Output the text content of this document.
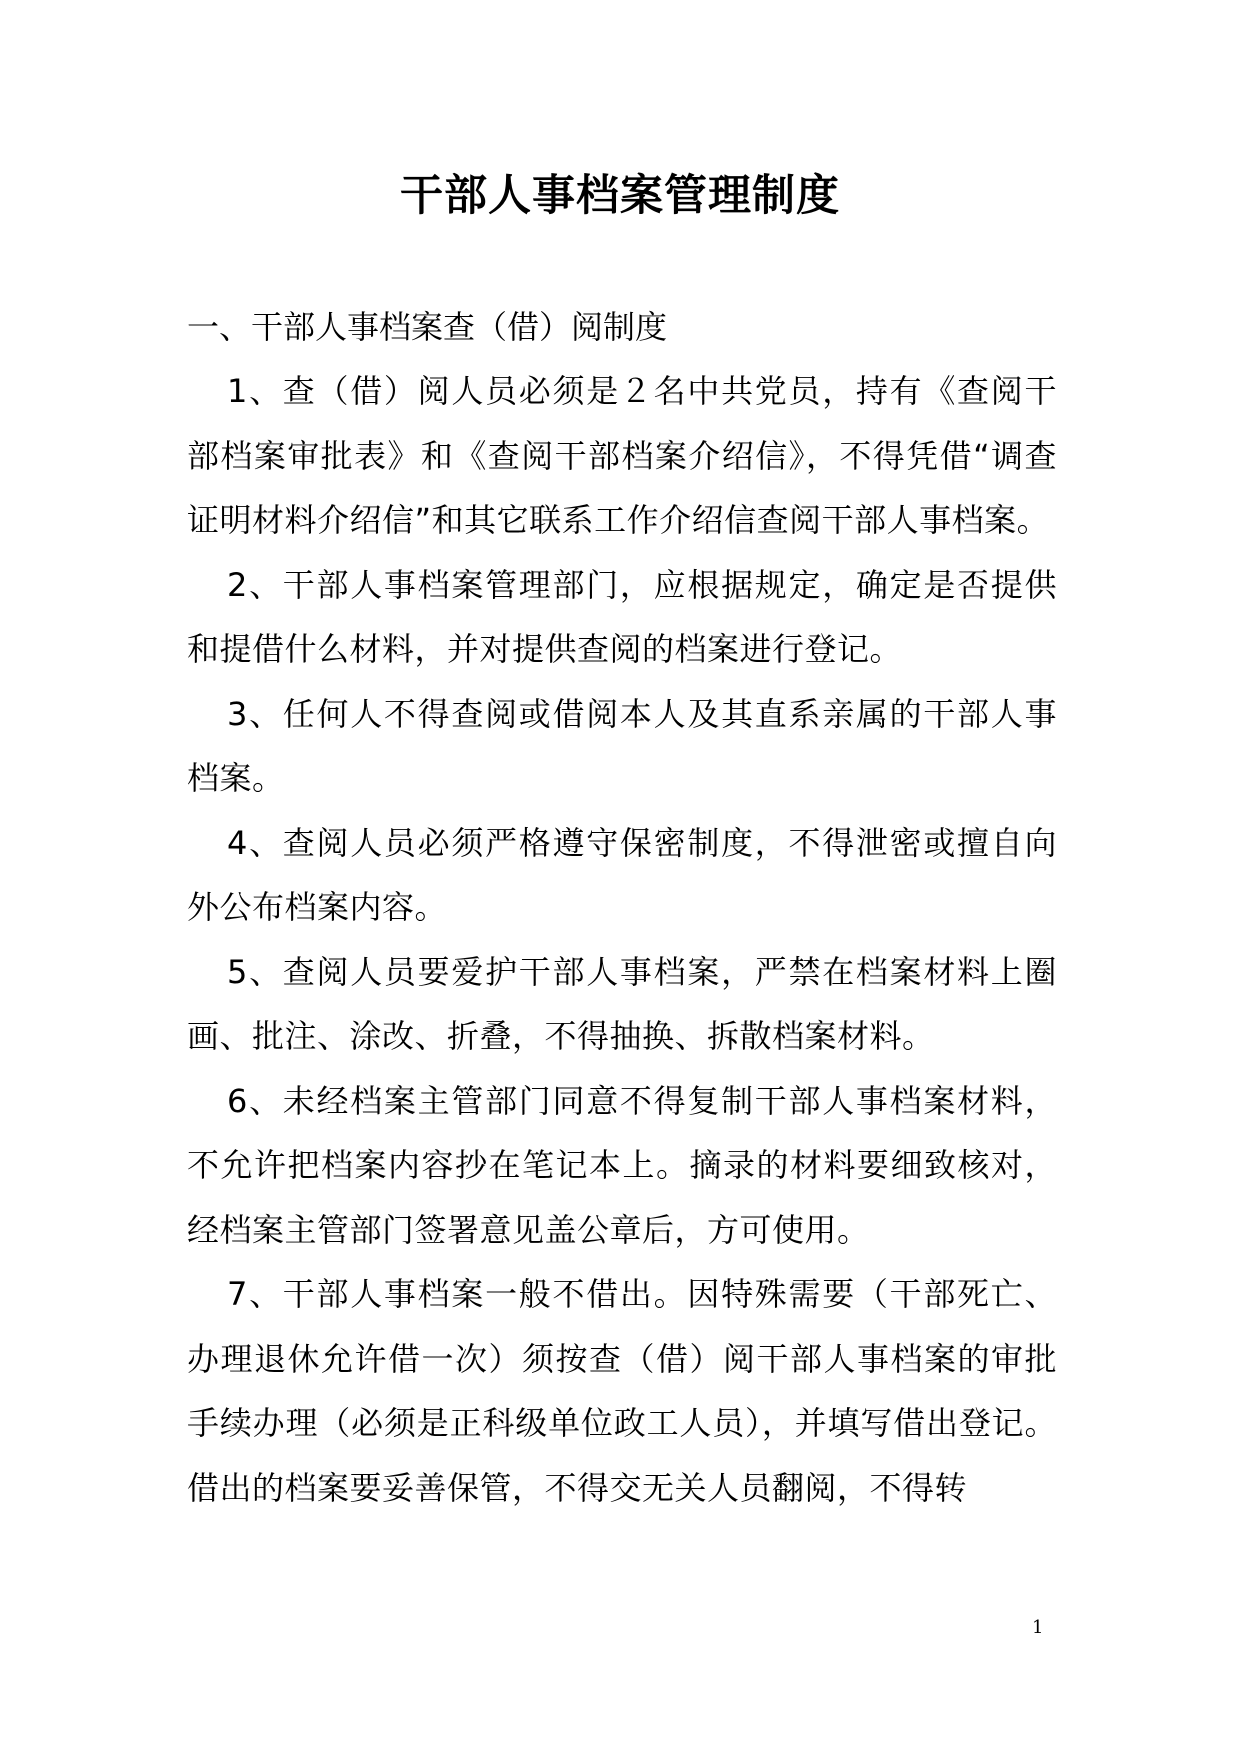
干部人事档案管理制度

一、干部人事档案查（借）阅制度

1、查（借）阅人员必须是２名中共党员，持有《查阅干部档案审批表》和《查阅干部档案介绍信》，不得凭借“调查证明材料介绍信”和其它联系工作介绍信查阅干部人事档案。

2、干部人事档案管理部门，应根据规定，确定是否提供和提借什么材料，并对提供查阅的档案进行登记。

3、任何人不得查阅或借阅本人及其直系亲属的干部人事档案。

4、查阅人员必须严格遵守保密制度，不得泄密或擅自向外公布档案内容。

5、查阅人员要爱护干部人事档案，严禁在档案材料上圈画、批注、涂改、折叠，不得抽换、拆散档案材料。

6、未经档案主管部门同意不得复制干部人事档案材料，不允许把档案内容抄在笔记本上。摘录的材料要细致核对，经档案主管部门签署意见盖公章后，方可使用。

7、干部人事档案一般不借出。因特殊需要（干部死亡、办理退休允许借一次）须按查（借）阅干部人事档案的审批手续办理（必须是正科级单位政工人员），并填写借出登记。借出的档案要妥善保管，不得交无关人员翻阅，不得转

1
